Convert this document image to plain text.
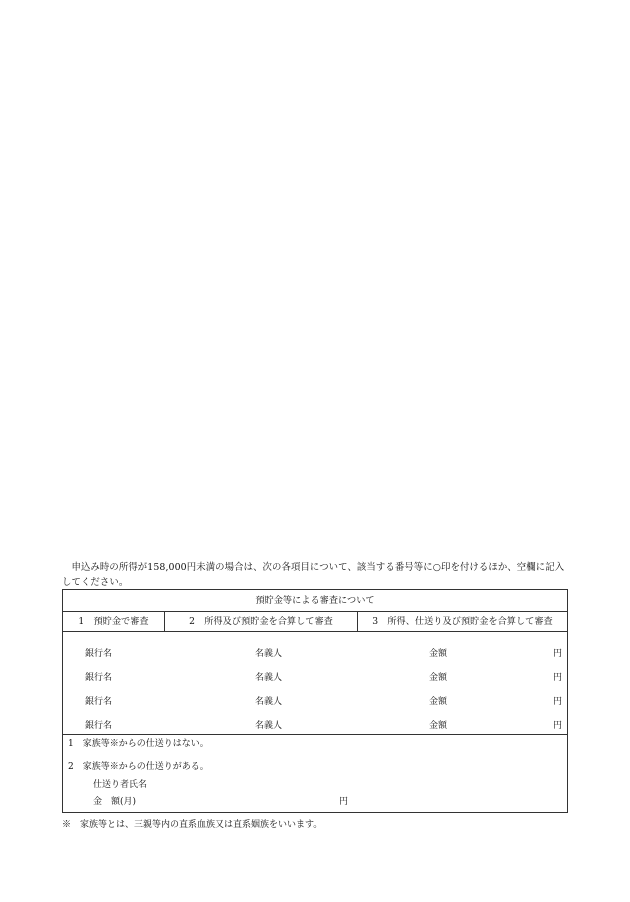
　申込み時の所得が158,000円未満の場合は、次の各項目について、該当する番号等に○印を付けるほか、空欄に記入してください。
預貯金等による審査について
1　預貯金で審査	2　所得及び預貯金を合算して審査	3　所得、仕送り及び預貯金を合算して審査
銀行名	名義人	金額	円
銀行名	名義人	金額	円
銀行名	名義人	金額	円
銀行名	名義人	金額	円
1　家族等※からの仕送りはない。
2　家族等※からの仕送りがある。
仕送り者氏名
金　額(月)	円
※　家族等とは、三親等内の直系血族又は直系姻族をいいます。
